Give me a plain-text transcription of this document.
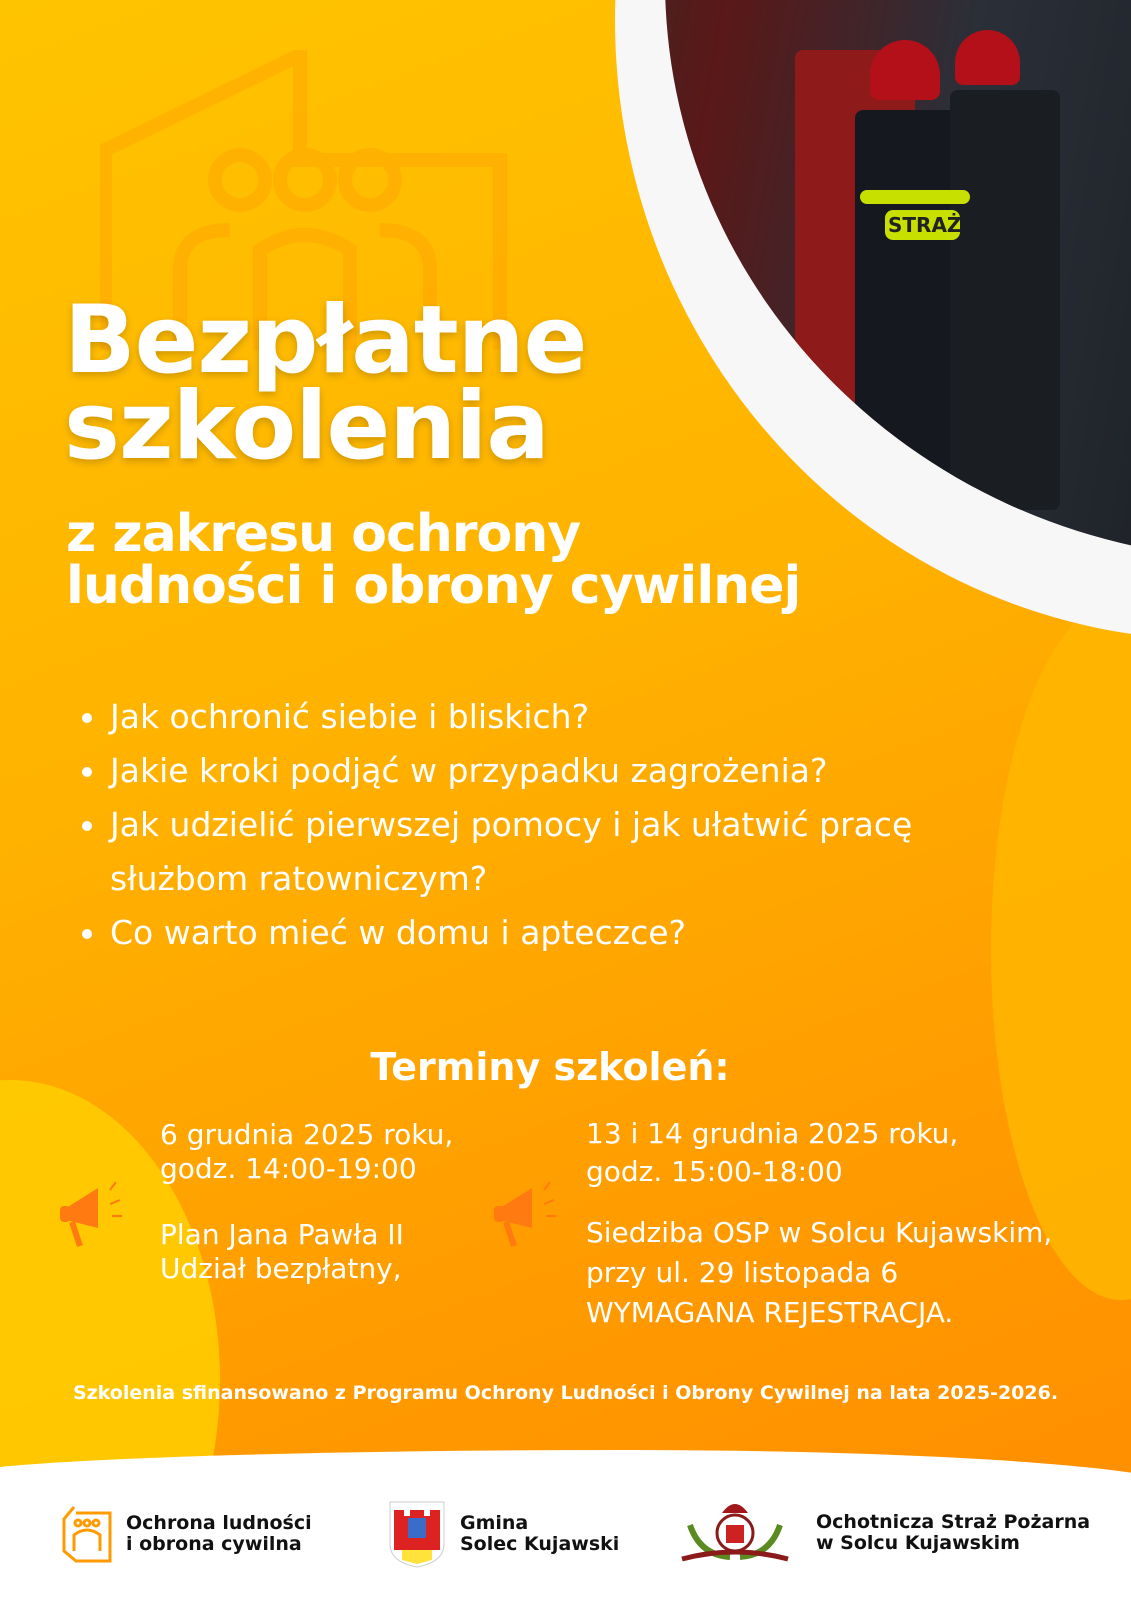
STRAŻ
Bezpłatne
szkolenia
z zakresu ochrony
ludności i obrony cywilnej
Jak ochronić siebie i bliskich?
Jakie kroki podjąć w przypadku zagrożenia?
Jak udzielić pierwszej pomocy i jak ułatwić pracę służbom ratowniczym?
Co warto mieć w domu i apteczce?
Terminy szkoleń:
6 grudnia 2025 roku,
godz. 14:00-19:00
Plan Jana Pawła II
Udział bezpłatny,
13 i 14 grudnia 2025 roku,
godz. 15:00-18:00
Siedziba OSP w Solcu Kujawskim,
przy ul. 29 listopada 6
WYMAGANA REJESTRACJA.
Szkolenia sfinansowano z Programu Ochrony Ludności i Obrony Cywilnej na lata 2025-2026.
Ochrona ludności
i obrona cywilna
Gmina
Solec Kujawski
Ochotnicza Straż Pożarna
w Solcu Kujawskim
